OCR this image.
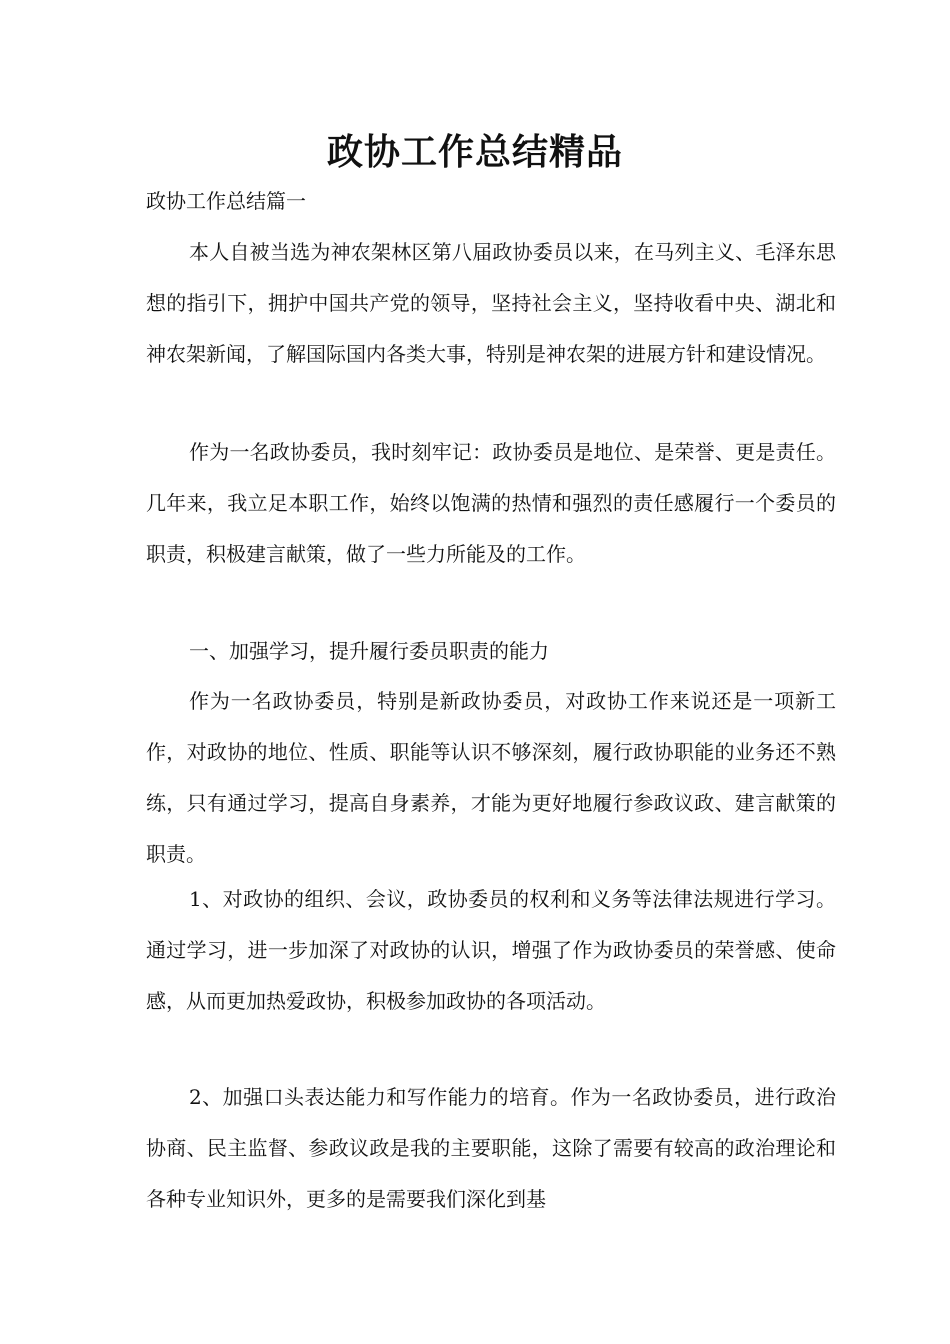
政协工作总结精品
政协工作总结篇一

本人自被当选为神农架林区第八届政协委员以来，在马列主义、毛泽东思想的指引下，拥护中国共产党的领导，坚持社会主义，坚持收看中央、湖北和神农架新闻，了解国际国内各类大事，特别是神农架的进展方针和建设情况。

作为一名政协委员，我时刻牢记：政协委员是地位、是荣誉、更是责任。几年来，我立足本职工作，始终以饱满的热情和强烈的责任感履行一个委员的职责，积极建言献策，做了一些力所能及的工作。

一、加强学习，提升履行委员职责的能力

作为一名政协委员，特别是新政协委员，对政协工作来说还是一项新工作，对政协的地位、性质、职能等认识不够深刻，履行政协职能的业务还不熟练，只有通过学习，提高自身素养，才能为更好地履行参政议政、建言献策的职责。

1、对政协的组织、会议，政协委员的权利和义务等法律法规进行学习。通过学习，进一步加深了对政协的认识，增强了作为政协委员的荣誉感、使命感，从而更加热爱政协，积极参加政协的各项活动。

2、加强口头表达能力和写作能力的培育。作为一名政协委员，进行政治协商、民主监督、参政议政是我的主要职能，这除了需要有较高的政治理论和各种专业知识外，更多的是需要我们深化到基
